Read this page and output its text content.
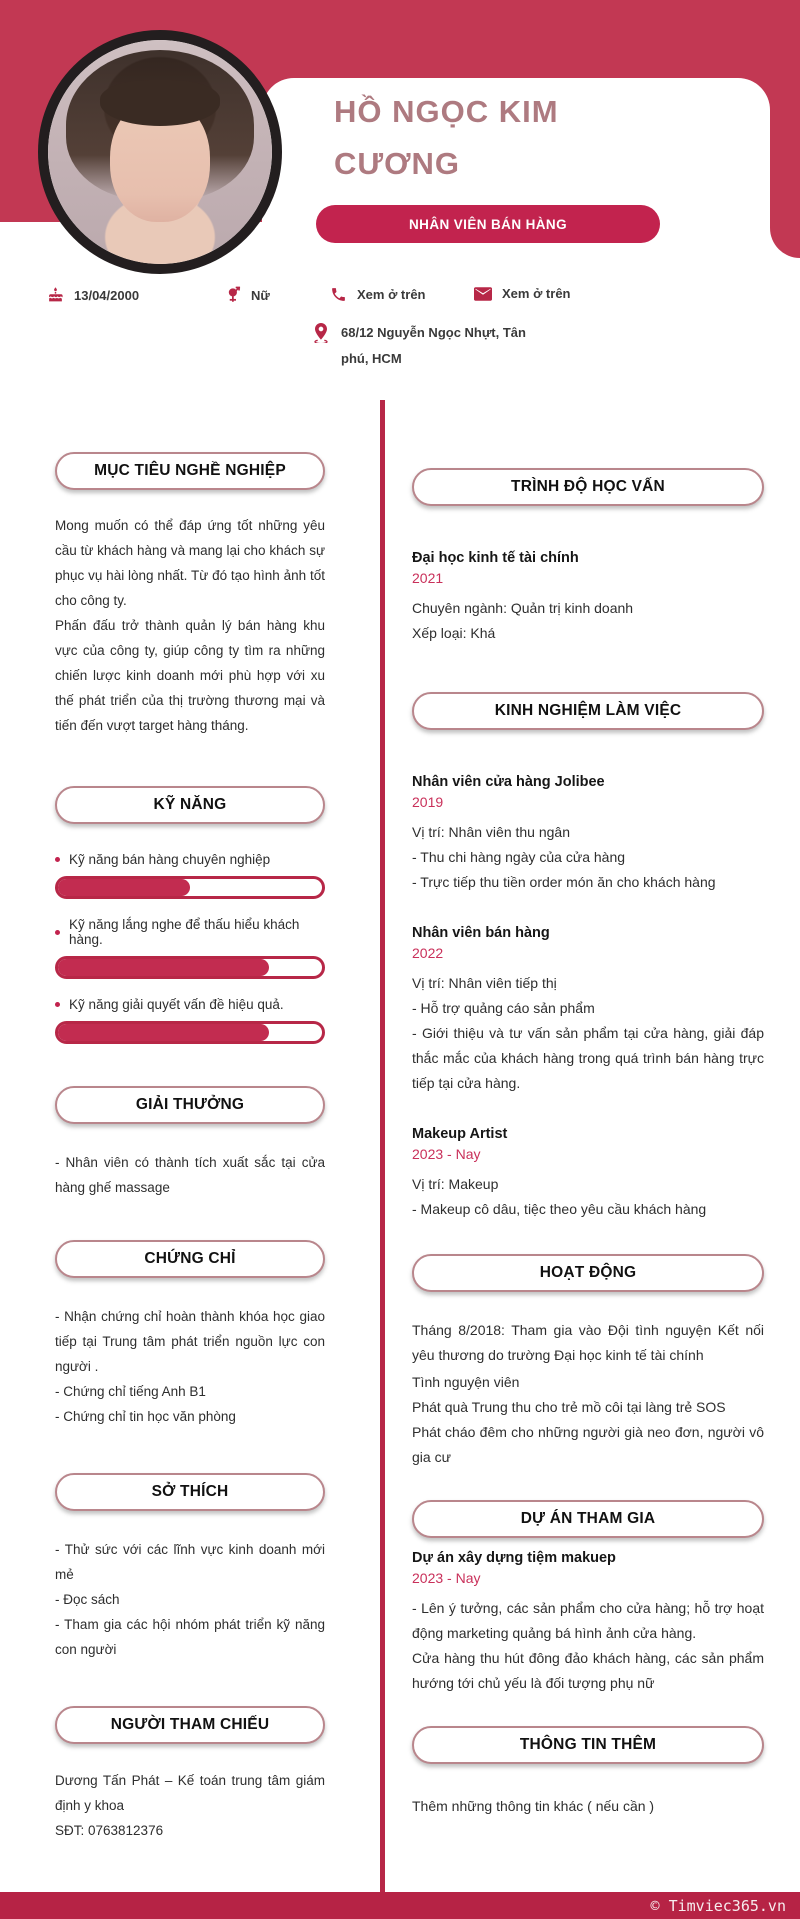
HỒ NGỌC KIM
CƯƠNG
NHÂN VIÊN BÁN HÀNG
13/04/2000	Nữ	Xem ở trên	Xem ở trên
68/12 Nguyễn Ngọc Nhựt, Tân
phú, HCM
MỤC TIÊU NGHỀ NGHIỆP

Mong muốn có thể đáp ứng tốt những yêu cầu từ khách hàng và mang lại cho khách sự phục vụ hài lòng nhất. Từ đó tạo hình ảnh tốt cho công ty.

Phấn đấu trở thành quản lý bán hàng khu vực của công ty, giúp công ty tìm ra những chiến lược kinh doanh mới phù hợp với xu thế phát triển của thị trường thương mại và tiến đến vượt target hàng tháng.

KỸ NĂNG
Kỹ năng bán hàng chuyên nghiệp
Kỹ năng lắng nghe để thấu hiểu khách hàng.
Kỹ năng giải quyết vấn đề hiệu quả.
GIẢI THƯỞNG

- Nhân viên có thành tích xuất sắc tại cửa hàng ghế massage

CHỨNG CHỈ

- Nhận chứng chỉ hoàn thành khóa học giao tiếp tại Trung tâm phát triển nguồn lực con người .

- Chứng chỉ tiếng Anh B1

- Chứng chỉ tin học văn phòng

SỞ THÍCH

- Thử sức với các lĩnh vực kinh doanh mới mẻ

- Đọc sách

- Tham gia các hội nhóm phát triển kỹ năng con người

NGƯỜI THAM CHIẾU

Dương Tấn Phát – Kế toán trung tâm giám định y khoa

SĐT: 0763812376

TRÌNH ĐỘ HỌC VẤN

Đại học kinh tế tài chính

2021

Chuyên ngành: Quản trị kinh doanh

Xếp loại: Khá

KINH NGHIỆM LÀM VIỆC

Nhân viên cửa hàng Jolibee

2019

Vị trí: Nhân viên thu ngân

- Thu chi hàng ngày của cửa hàng

- Trực tiếp thu tiền order món ăn cho khách hàng

Nhân viên bán hàng

2022

Vị trí: Nhân viên tiếp thị

- Hỗ trợ quảng cáo sản phẩm

- Giới thiệu và tư vấn sản phẩm tại cửa hàng, giải đáp thắc mắc của khách hàng trong quá trình bán hàng trực tiếp tại cửa hàng.

Makeup Artist

2023 - Nay

Vị trí: Makeup

- Makeup cô dâu, tiệc theo yêu cầu khách hàng

HOẠT ĐỘNG

Tháng 8/2018: Tham gia vào Đội tình nguyện Kết nối yêu thương do trường Đại học kinh tế tài chính

Tình nguyện viên

Phát quà Trung thu cho trẻ mồ côi tại làng trẻ SOS

Phát cháo đêm cho những người già neo đơn, người vô gia cư

DỰ ÁN THAM GIA

Dự án xây dựng tiệm makuep

2023 - Nay

- Lên ý tưởng, các sản phẩm cho cửa hàng; hỗ trợ hoạt động marketing quảng bá hình ảnh cửa hàng.

Cửa hàng thu hút đông đảo khách hàng, các sản phẩm hướng tới chủ yếu là đối tượng phụ nữ

THÔNG TIN THÊM

Thêm những thông tin khác ( nếu cần )

© Timviec365.vn
